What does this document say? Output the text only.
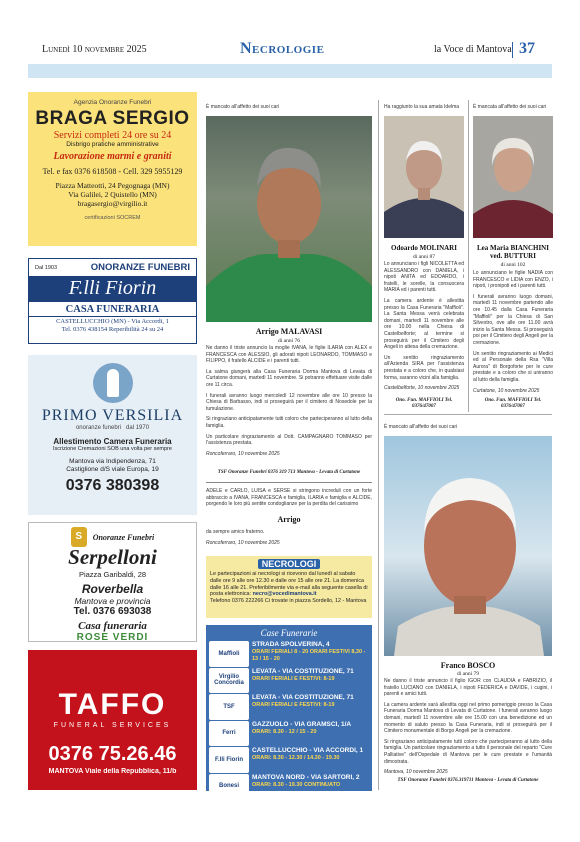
Lunedì 10 novembre 2025	Necrologie	la Voce di Mantova 37
Agenzia Onoranze Funebri
BRAGA SERGIO
Servizi completi 24 ore su 24
Disbrigo pratiche amministrative
Lavorazione marmi e graniti
Tel. e fax 0376 618508 - Cell. 329 5955129
Piazza Matteotti, 24 Pegognaga (MN)
Via Galilei, 2 Quistello (MN)
bragasergio@virgilio.it
certificazioni SOCREM
Dal 1903	ONORANZE FUNEBRI
F.lli Fiorin
CASA FUNERARIA
CASTELLUCCHIO (MN) - Via Accordi, 1
Tel. 0376 438154 Reperibilità 24 su 24
PRIMO VERSILIA
onoranze funebri dal 1970
Allestimento Camera Funeraria
Iscrizione Cremazioni SOB una volta per sempre
Mantova via Indipendenza, 71
Castiglione d/S viale Europa, 19
0376 380398
S	Onoranze Funebri
Serpelloni
Piazza Garibaldi, 28
Roverbella
Mantova e provincia
Tel. 0376 693038
Casa funeraria
ROSE VERDI
TAFFO
FUNERAL SERVICES
0376 75.26.46
MANTOVA Viale della Repubblica, 11/b
È mancato all'affetto dei suoi cari
Arrigo MALAVASI
di anni 76

Ne danno il triste annuncio la moglie IVANA, le figlie ILARIA con ALEX e FRANCESCA con ALESSIO, gli adorati nipoti LEONARDO, TOMMASO e FILIPPO, il fratello ALCIDE e i parenti tutti.

La salma giungerà alla Casa Funeraria Dorma Mantova di Levata di Curtatone domani, martedì 11 novembre. Si potranno effettuare visite dalle ore 11 circa.

I funerali avranno luogo mercoledì 12 novembre alle ore 10 presso la Chiesa di Barbasso, indi si proseguirà per il cimitero di Nosedole per la tumulazione.

Si ringraziano anticipatamente tutti coloro che parteciperanno al lutto della famiglia.

Un particolare ringraziamento al Dott. CAMPAGNARO TOMMASO per l'assistenza prestata.

Roncoferraro, 10 novembre 2025

TSF Onoranze Funebri 0376 319 713 Mantova - Levata di Curtatone
ADELE e CARLO, LUISA e SERSE si stringono increduli con un forte abbraccio a IVANA, FRANCESCA e famiglia, ILARIA e famiglia e ALCIDE, porgendo le loro più sentite condoglianze per la perdita del carissimo
Arrigo

da sempre amico fraterno.

Roncoferraro, 10 novembre 2025

Ha raggiunto la sua amata Idelma
Odoardo MOLINARI
di anni 87

Lo annunciano i figli NICOLETTA ed ALESSANDRO con DANIELA, i nipoti ANITA ed EDOARDO, i fratelli, le sorelle, la consuocera MARIA ed i parenti tutti.

La camera ardente è allestita presso la Casa Funeraria "Maffioli". La Santa Messa verrà celebrata domani, martedì 11 novembre alle ore 10.00 nella Chiesa di Castelbelforte; al termine si proseguirà per il Cimitero degli Angeli in attesa della cremazione.

Un sentito ringraziamento all'Azienda SIRA per l'assistenza prestata e a coloro che, in qualsiasi forma, saranno vicini alla famiglia.

Castelbelforte, 10 novembre 2025

Ono. Fun. MAFFIOLI Tel. 0376/47007
È mancata all'affetto dei suoi cari
Lea Maria BIANCHINI ved. BUTTURI
di anni 102

Lo annunciano le figlie NADIA con FRANCESCO e LIDIA con ENZO, i nipoti, i pronipoti ed i parenti tutti.

I funerali avranno luogo domani, martedì 11 novembre partendo alle ore 10.45 dalla Casa Funeraria "Maffioli" per la Chiesa di San Silvestro, ove alle ore 11.00 avrà inizio la Santa Messa. Si proseguirà poi per il Cimitero degli Angeli per la cremazione.

Un sentito ringraziamento ai Medici ed al Personale della Rsa "Villa Aurora" di Borgoforte per le cure prestate e a coloro che si uniranno al lutto della famiglia.

Curtatone, 10 novembre 2025

Ono. Fun. MAFFIOLI Tel. 0376/47007
È mancato all'affetto dei suoi cari
Franco BOSCO
di anni 79

Ne danno il triste annuncio il figlio IGOR con CLAUDIA e FABRIZIO, il fratello LUCIANO con DANIELA, i nipoti FEDERICA e DAVIDE, i cugini, i parenti e amici tutti.

La camera ardente sarà allestita oggi nel primo pomeriggio presso la Casa Funeraria Dorma Mantova di Levata di Curtatone. I funerali avranno luogo domani, martedì 11 novembre alle ore 15.00 con una benedizione ed un momento di saluto presso la Casa Funeraria, indi si proseguirà per il Cimitero monumentale di Borgo Angeli per la cremazione.

Si ringraziano anticipatamente tutti coloro che parteciperanno al lutto della famiglia. Un particolare ringraziamento a tutto il personale del reparto "Cure Palliative" dell'Ospedale di Mantova per le cure prestate e l'umanità dimostrata.

Mantova, 10 novembre 2025

TSF Onoranze Funebri 0376.319711 Mantova - Levata di Curtatone
NECROLOGI
Le partecipazioni ai necrologi si ricevono dal lunedì al sabato dalle ore 9 alle ore 12.30 e dalle ore 15 alle ore 21. La domenica dalle 16 alle 21. Preferibilmente via e-mail alla seguente casella di posta elettronica: necro@vocedimantova.it
Telefono 0376 222266 Ci trovate in piazza Sordello, 12 - Mantova
Case Funerarie
Maffioli
STRADA SPOLVERINA, 4
ORARI FERIALI 8 - 20 ORARI FESTIVI 8,30 - 13 / 15 - 20
Virgilio Concordia
LEVATA - VIA COSTITUZIONE, 71
ORARI FERIALI E FESTIVI: 8-19
TSF
LEVATA - VIA COSTITUZIONE, 71
ORARI FERIALI E FESTIVI: 8-19
Ferri
GAZZUOLO - VIA GRAMSCI, 1/A
ORARI: 8.30 - 12 / 15 - 20
F.lli Fiorin
CASTELLUCCHIO - VIA ACCORDI, 1
ORARI: 8.30 - 12.30 / 14.30 - 19.30
Bonesi
MANTOVA NORD - VIA SARTORI, 2
ORARI: 8.30 - 19.30 CONTINUATO
